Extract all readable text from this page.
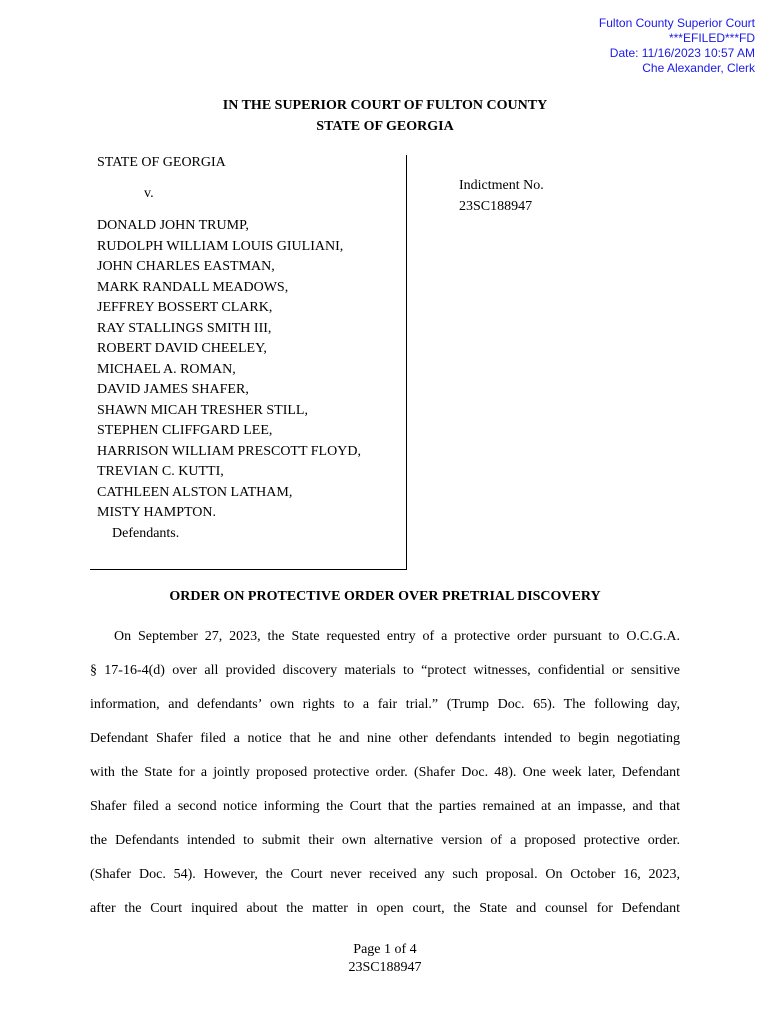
Fulton County Superior Court
***EFILED***FD
Date: 11/16/2023 10:57 AM
Che Alexander, Clerk
IN THE SUPERIOR COURT OF FULTON COUNTY
STATE OF GEORGIA
STATE OF GEORGIA
v.
DONALD JOHN TRUMP,
RUDOLPH WILLIAM LOUIS GIULIANI,
JOHN CHARLES EASTMAN,
MARK RANDALL MEADOWS,
JEFFREY BOSSERT CLARK,
RAY STALLINGS SMITH III,
ROBERT DAVID CHEELEY,
MICHAEL A. ROMAN,
DAVID JAMES SHAFER,
SHAWN MICAH TRESHER STILL,
STEPHEN CLIFFGARD LEE,
HARRISON WILLIAM PRESCOTT FLOYD,
TREVIAN C. KUTTI,
CATHLEEN ALSTON LATHAM,
MISTY HAMPTON.
Defendants.
Indictment No.
23SC188947
ORDER ON PROTECTIVE ORDER OVER PRETRIAL DISCOVERY
On September 27, 2023, the State requested entry of a protective order pursuant to O.C.G.A.
§ 17-16-4(d) over all provided discovery materials to “protect witnesses, confidential or sensitive
information, and defendants’ own rights to a fair trial.” (Trump Doc. 65). The following day,
Defendant Shafer filed a notice that he and nine other defendants intended to begin negotiating
with the State for a jointly proposed protective order. (Shafer Doc. 48). One week later, Defendant
Shafer filed a second notice informing the Court that the parties remained at an impasse, and that
the Defendants intended to submit their own alternative version of a proposed protective order.
(Shafer Doc. 54). However, the Court never received any such proposal. On October 16, 2023,
after the Court inquired about the matter in open court, the State and counsel for Defendant
Page 1 of 4
23SC188947
